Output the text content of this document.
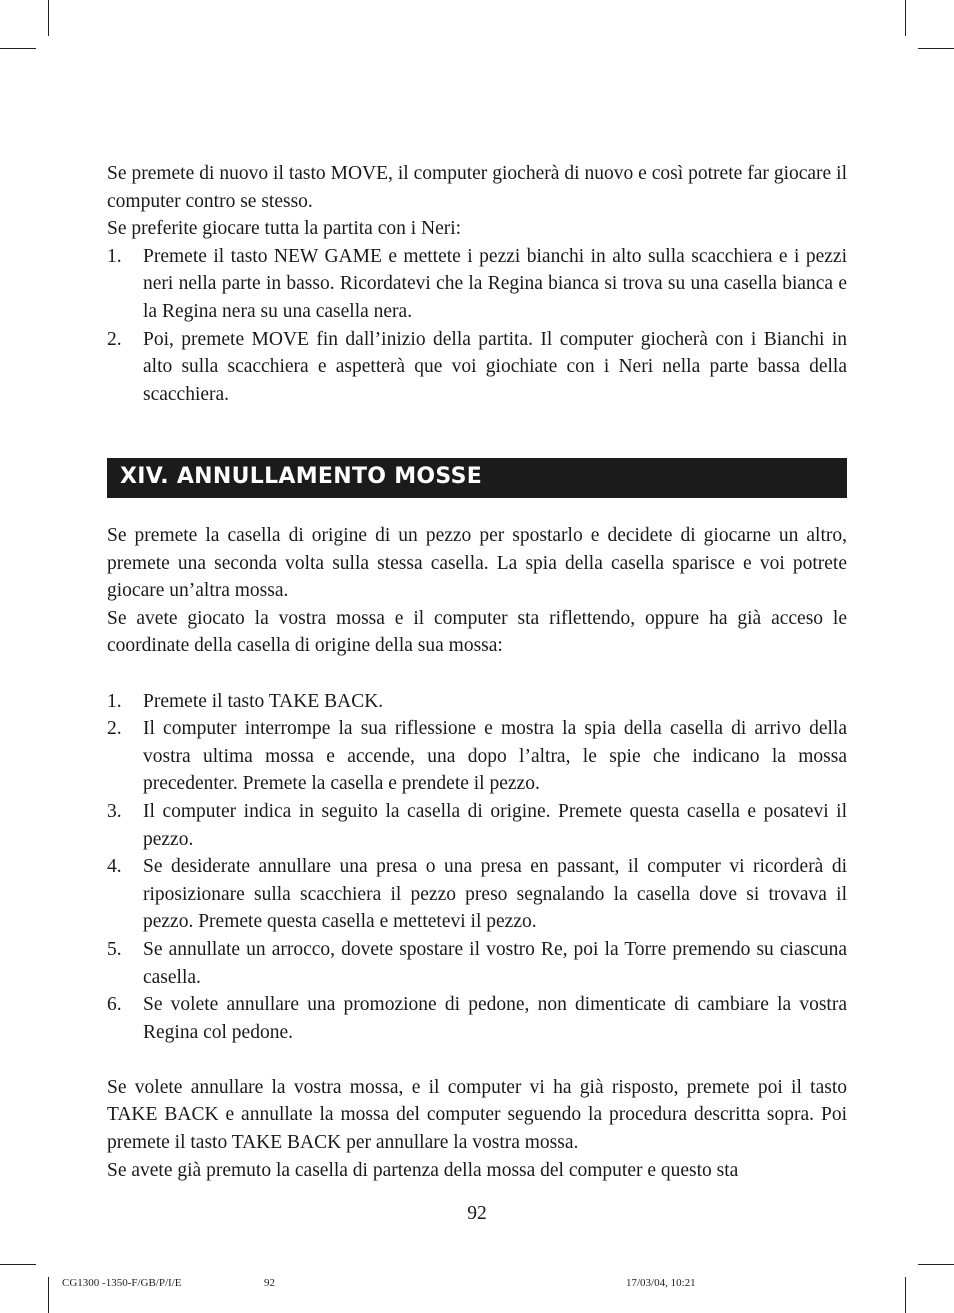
Se premete di nuovo il tasto MOVE, il computer giocherà di nuovo e così potrete far giocare il computer contro se stesso.

Se preferite giocare tutta la partita con i Neri:

1. Premete il tasto NEW GAME e mettete i pezzi bianchi in alto sulla scacchiera e i pezzi neri nella parte in basso. Ricordatevi che la Regina bianca si trova su una casella bianca e la Regina nera su una casella nera.
2. Poi, premete MOVE fin dall’inizio della partita. Il computer giocherà con i Bianchi in alto sulla scacchiera e aspetterà que voi giochiate con i Neri nella parte bassa della scacchiera.
XIV. ANNULLAMENTO MOSSE

Se premete la casella di origine di un pezzo per spostarlo e decidete di giocarne un altro, premete una seconda volta sulla stessa casella. La spia della casella sparisce e voi potrete giocare un’altra mossa.

Se avete giocato la vostra mossa e il computer sta riflettendo, oppure ha già acceso le coordinate della casella di origine della sua mossa:

1. Premete il tasto TAKE BACK.
2. Il computer interrompe la sua riflessione e mostra la spia della casella di arrivo della vostra ultima mossa e accende, una dopo l’altra, le spie che indicano la mossa precedenter. Premete la casella e prendete il pezzo.
3. Il computer indica in seguito la casella di origine. Premete questa casella e posatevi il pezzo.
4. Se desiderate annullare una presa o una presa en passant, il computer vi ricorderà di riposizionare sulla scacchiera il pezzo preso segnalando la casella dove si trovava il pezzo. Premete questa casella e mettetevi il pezzo.
5. Se annullate un arrocco, dovete spostare il vostro Re, poi la Torre premendo su ciascuna casella.
6. Se volete annullare una promozione di pedone, non dimenticate di cambiare la vostra Regina col pedone.

Se volete annullare la vostra mossa, e il computer vi ha già risposto, premete poi il tasto TAKE BACK e annullate la mossa del computer seguendo la procedura descritta sopra. Poi premete il tasto TAKE BACK per annullare la vostra mossa.

Se avete già premuto la casella di partenza della mossa del computer e questo sta

92
CG1300 -1350-F/GB/P/I/E	92	17/03/04, 10:21
